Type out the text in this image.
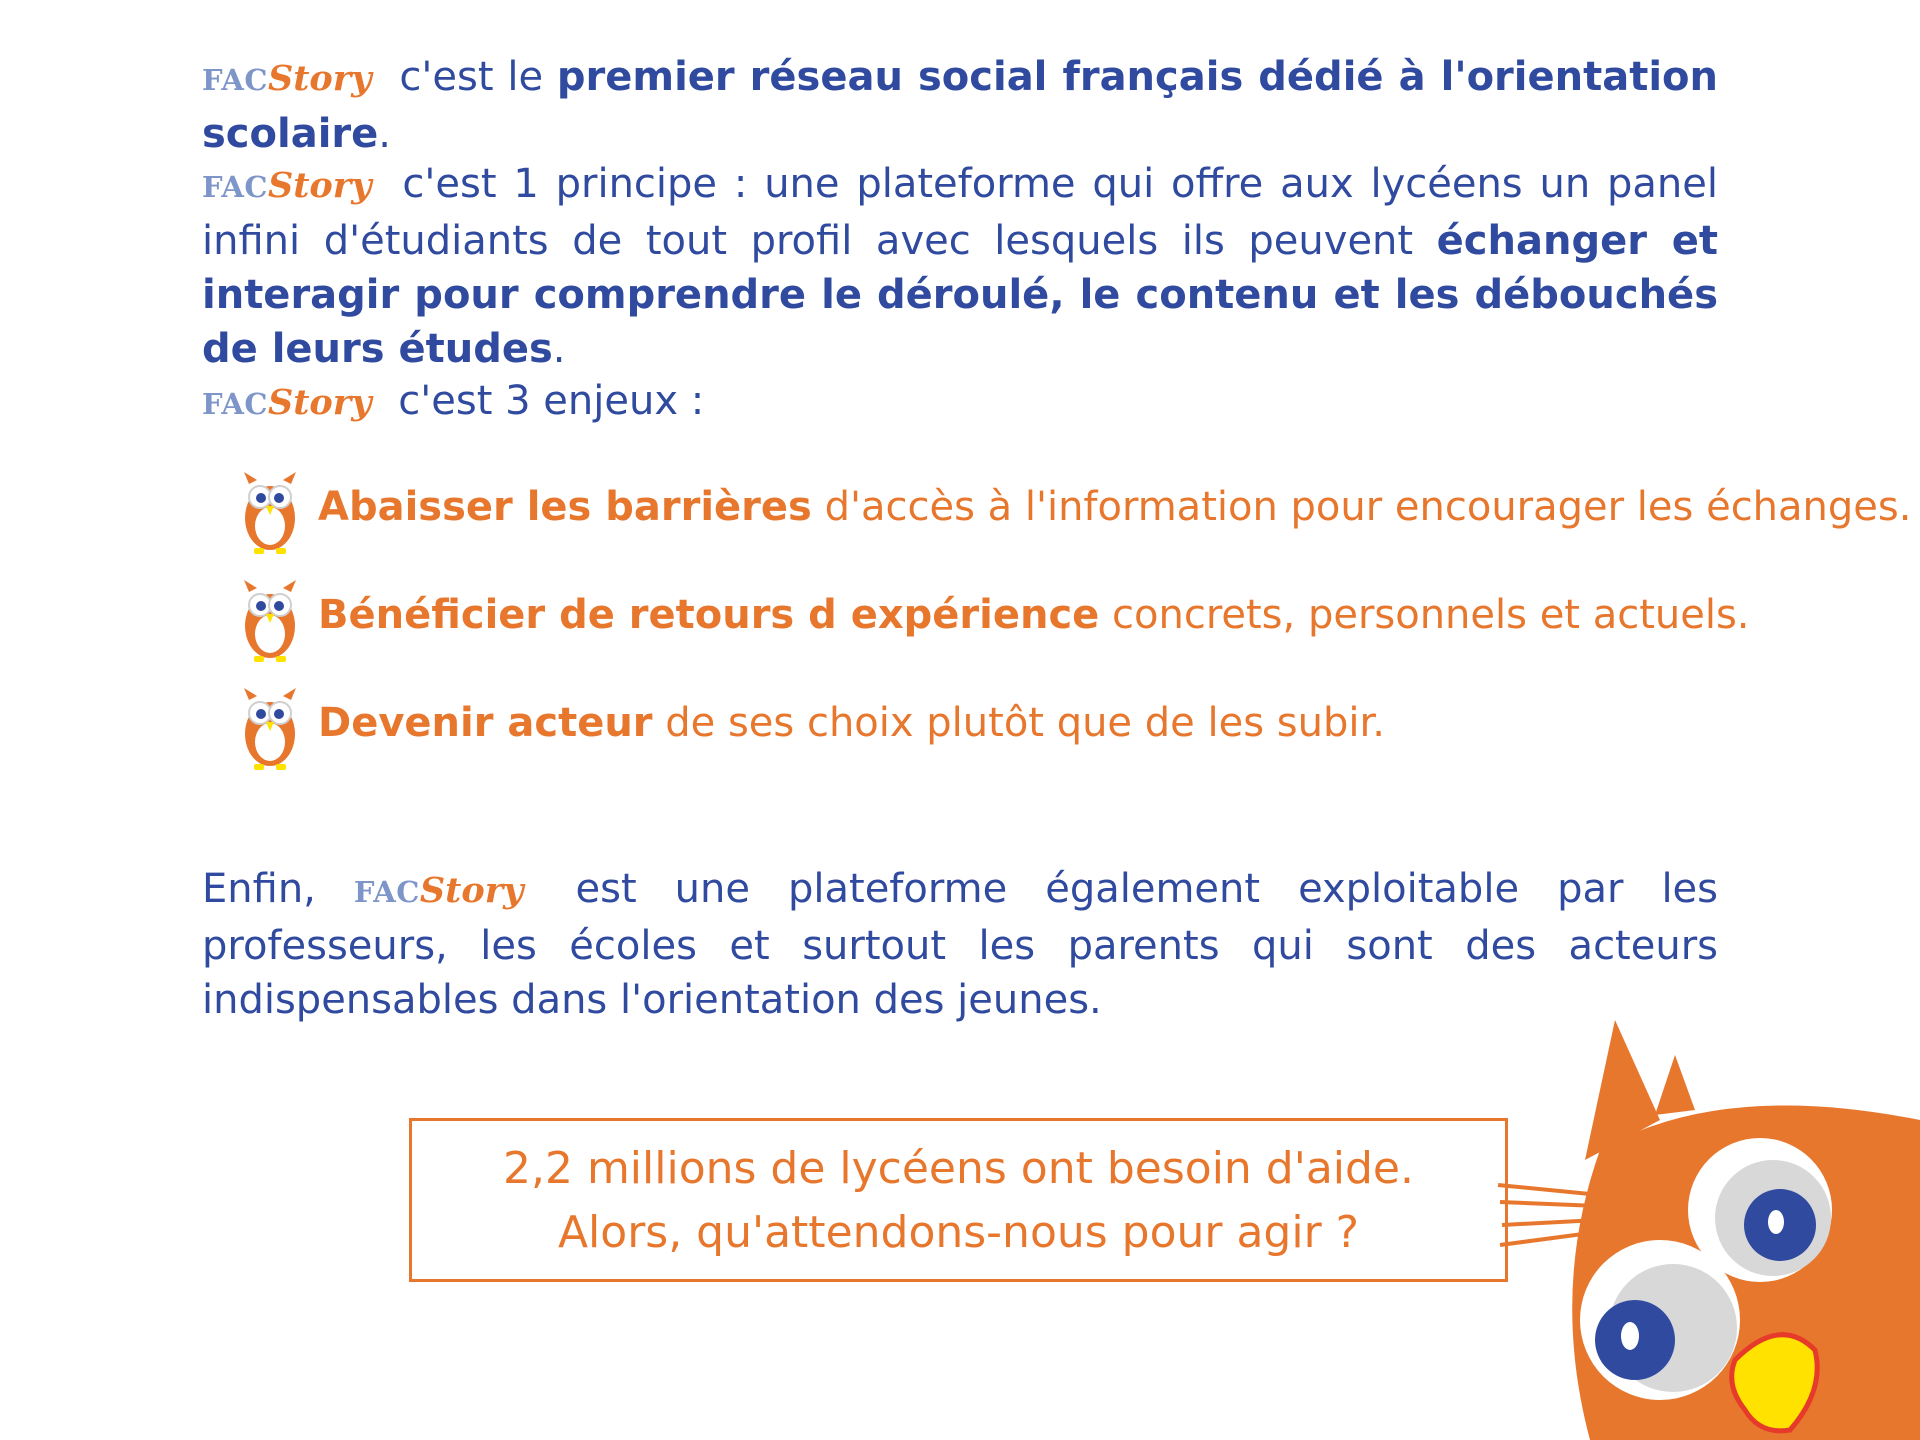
FACStory c'est le premier réseau social français dédié à l'orientation scolaire.
FACStory c'est 1 principe : une plateforme qui offre aux lycéens un panel infini d'étudiants de tout profil avec lesquels ils peuvent échanger et interagir pour comprendre le déroulé, le contenu et les débouchés de leurs études.
FACStory c'est 3 enjeux :
Abaisser les barrières d'accès à l'information pour encourager les échanges.
Bénéficier de retours d expérience concrets, personnels et actuels.
Devenir acteur de ses choix plutôt que de les subir.
Enfin, FACStory est une plateforme également exploitable par les professeurs, les écoles et surtout les parents qui sont des acteurs indispensables dans l'orientation des jeunes.
2,2 millions de lycéens ont besoin d'aide.
Alors, qu'attendons-nous pour agir ?
